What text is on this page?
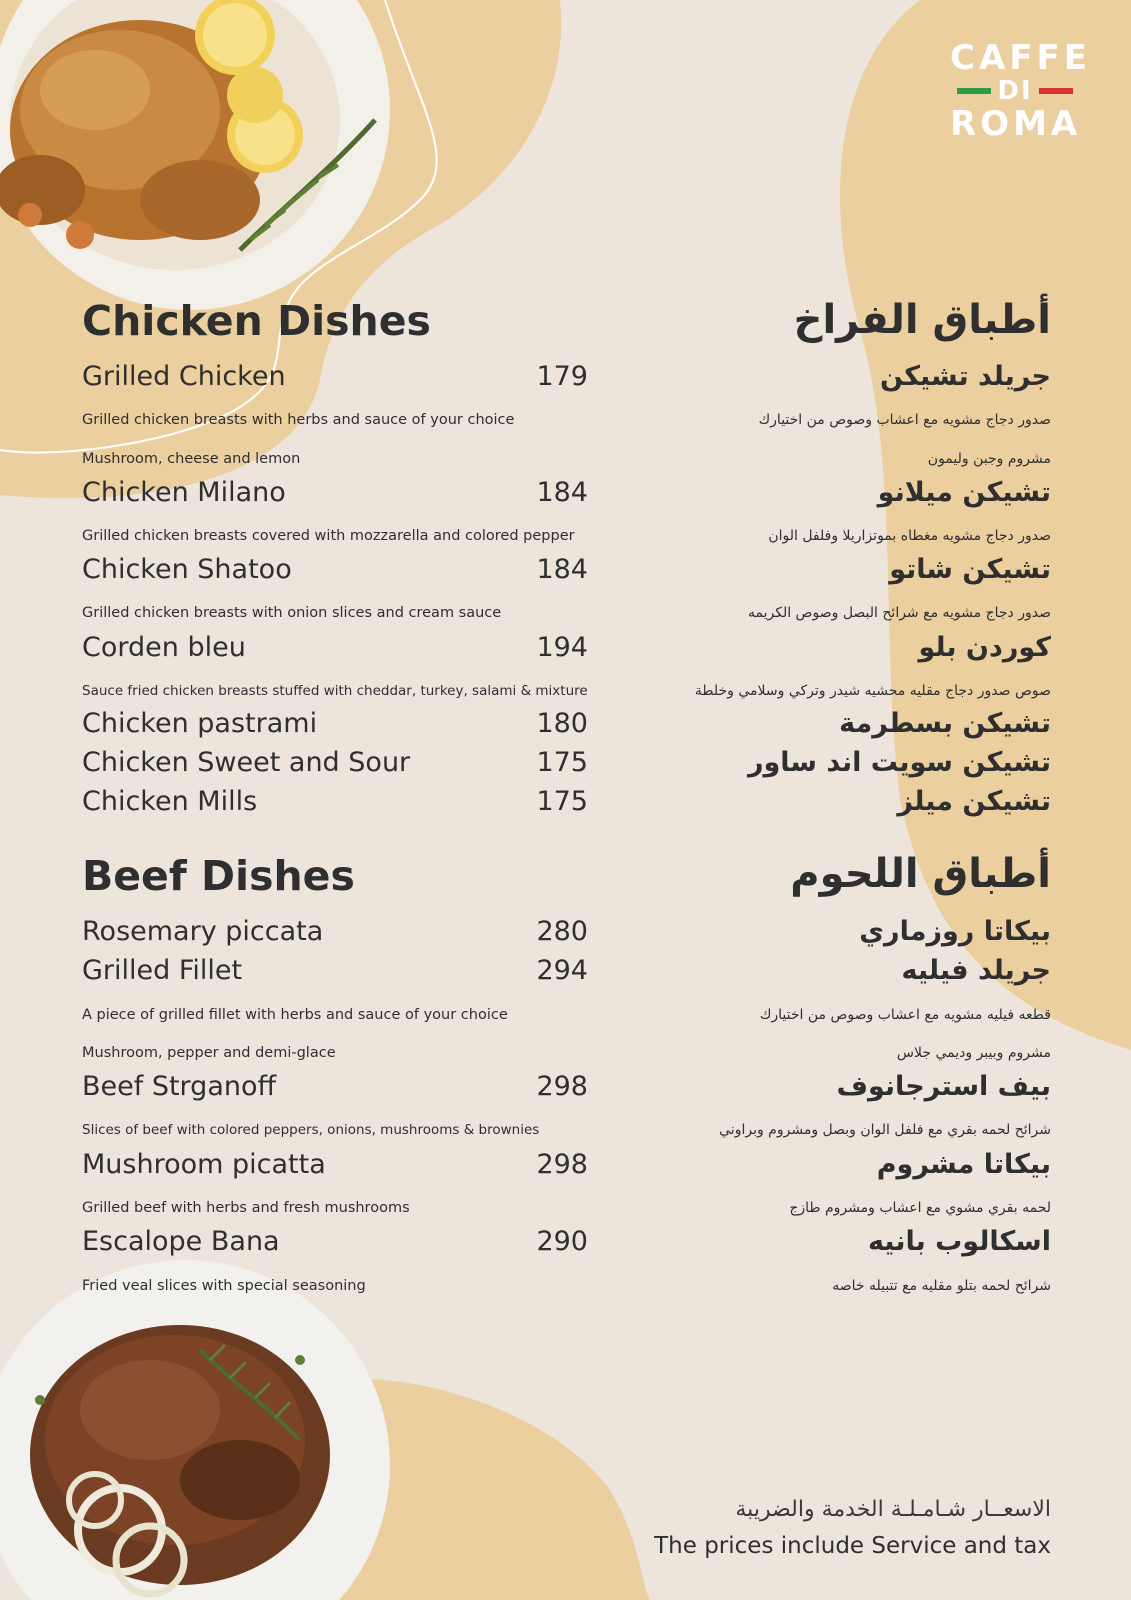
CAFFE
DI
ROMA
Chicken Dishes	أطباق الفراخ
Grilled Chicken	179	جريلد تشيكن
Grilled chicken breasts with herbs and sauce of your choice	صدور دجاج مشويه مع اعشاب وصوص من اختيارك
Mushroom, cheese and lemon	مشروم وجبن وليمون
Chicken Milano	184	تشيكن ميلانو
Grilled chicken breasts covered with mozzarella and colored pepper	صدور دجاج مشويه مغطاه بموتزاريلا وفلفل الوان
Chicken Shatoo	184	تشيكن شاتو
Grilled chicken breasts with onion slices and cream sauce	صدور دجاج مشويه مع شرائح البصل وصوص الكريمه
Corden bleu	194	كوردن بلو
Sauce fried chicken breasts stuffed with cheddar, turkey, salami & mixture	صوص صدور دجاج مقليه محشيه شيدر وتركي وسلامي وخلطة
Chicken pastrami	180	تشيكن بسطرمة
Chicken Sweet and Sour	175	تشيكن سويت اند ساور
Chicken Mills	175	تشيكن ميلز
Beef Dishes	أطباق اللحوم
Rosemary piccata	280	بيكاتا روزماري
Grilled Fillet	294	جريلد فيليه
A piece of grilled fillet with herbs and sauce of your choice	قطعه فيليه مشويه مع اعشاب وصوص من اختيارك
Mushroom, pepper and demi-glace	مشروم وبيبر وديمي جلاس
Beef Strganoff	298	بيف استرجانوف
Slices of beef with colored peppers, onions, mushrooms & brownies	شرائح لحمه بقري مع فلفل الوان وبصل ومشروم وبراوني
Mushroom picatta	298	بيكاتا مشروم
Grilled beef with herbs and fresh mushrooms	لحمه بقري مشوي مع اعشاب ومشروم طازج
Escalope Bana	290	اسكالوب بانيه
Fried veal slices with special seasoning	شرائح لحمه بتلو مقليه مع تتبيله خاصه
الاسعــار شـامـلـة الخدمة والضريبة
The prices include Service and tax
